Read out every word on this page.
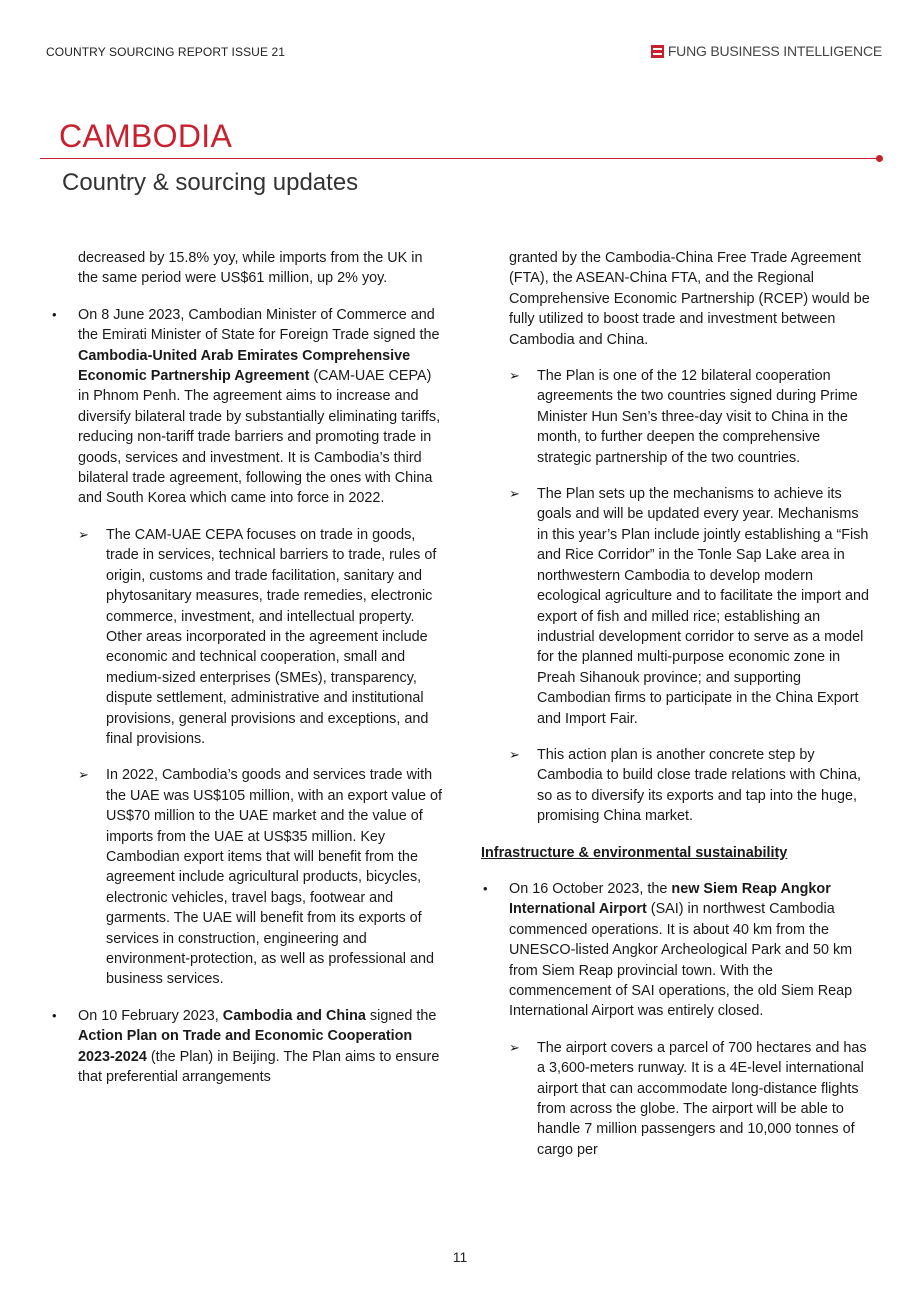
COUNTRY SOURCING REPORT ISSUE 21	FUNG BUSINESS INTELLIGENCE
CAMBODIA
Country & sourcing updates

decreased by 15.8% yoy, while imports from the UK in the same period were US$61 million, up 2% yoy.

• On 8 June 2023, Cambodian Minister of Commerce and the Emirati Minister of State for Foreign Trade signed the Cambodia-United Arab Emirates Comprehensive Economic Partnership Agreement (CAM-UAE CEPA) in Phnom Penh. The agreement aims to increase and diversify bilateral trade by substantially eliminating tariffs, reducing non-tariff trade barriers and promoting trade in goods, services and investment. It is Cambodia’s third bilateral trade agreement, following the ones with China and South Korea which came into force in 2022.
➢ The CAM-UAE CEPA focuses on trade in goods, trade in services, technical barriers to trade, rules of origin, customs and trade facilitation, sanitary and phytosanitary measures, trade remedies, electronic commerce, investment, and intellectual property. Other areas incorporated in the agreement include economic and technical cooperation, small and medium-sized enterprises (SMEs), transparency, dispute settlement, administrative and institutional provisions, general provisions and exceptions, and final provisions.
➢ In 2022, Cambodia’s goods and services trade with the UAE was US$105 million, with an export value of US$70 million to the UAE market and the value of imports from the UAE at US$35 million. Key Cambodian export items that will benefit from the agreement include agricultural products, bicycles, electronic vehicles, travel bags, footwear and garments. The UAE will benefit from its exports of services in construction, engineering and environment-protection, as well as professional and business services.
• On 10 February 2023, Cambodia and China signed the Action Plan on Trade and Economic Cooperation 2023-2024 (the Plan) in Beijing. The Plan aims to ensure that preferential arrangements

granted by the Cambodia-China Free Trade Agreement (FTA), the ASEAN-China FTA, and the Regional Comprehensive Economic Partnership (RCEP) would be fully utilized to boost trade and investment between Cambodia and China.

➢ The Plan is one of the 12 bilateral cooperation agreements the two countries signed during Prime Minister Hun Sen’s three-day visit to China in the month, to further deepen the comprehensive strategic partnership of the two countries.
➢ The Plan sets up the mechanisms to achieve its goals and will be updated every year. Mechanisms in this year’s Plan include jointly establishing a “Fish and Rice Corridor” in the Tonle Sap Lake area in northwestern Cambodia to develop modern ecological agriculture and to facilitate the import and export of fish and milled rice; establishing an industrial development corridor to serve as a model for the planned multi-purpose economic zone in Preah Sihanouk province; and supporting Cambodian firms to participate in the China Export and Import Fair.
➢ This action plan is another concrete step by Cambodia to build close trade relations with China, so as to diversify its exports and tap into the huge, promising China market.

Infrastructure & environmental sustainability

• On 16 October 2023, the new Siem Reap Angkor International Airport (SAI) in northwest Cambodia commenced operations. It is about 40 km from the UNESCO-listed Angkor Archeological Park and 50 km from Siem Reap provincial town. With the commencement of SAI operations, the old Siem Reap International Airport was entirely closed.
➢ The airport covers a parcel of 700 hectares and has a 3,600-meters runway. It is a 4E-level international airport that can accommodate long-distance flights from across the globe. The airport will be able to handle 7 million passengers and 10,000 tonnes of cargo per
11
